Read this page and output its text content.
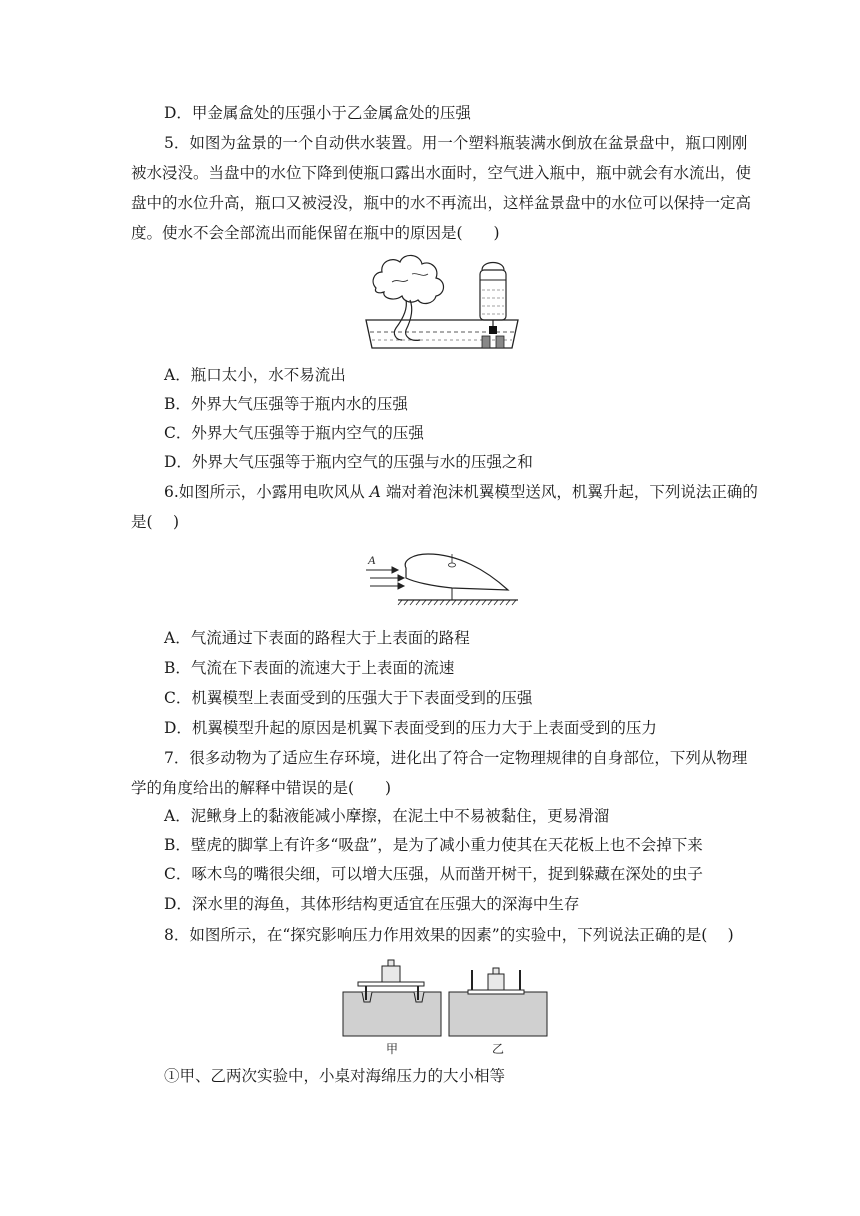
D．甲金属盒处的压强小于乙金属盒处的压强
5．如图为盆景的一个自动供水装置。用一个塑料瓶装满水倒放在盆景盘中，瓶口刚刚
被水浸没。当盘中的水位下降到使瓶口露出水面时，空气进入瓶中，瓶中就会有水流出，使
盘中的水位升高，瓶口又被浸没，瓶中的水不再流出，这样盆景盘中的水位可以保持一定高
度。使水不会全部流出而能保留在瓶中的原因是(　　)
A．瓶口太小，水不易流出
B．外界大气压强等于瓶内水的压强
C．外界大气压强等于瓶内空气的压强
D．外界大气压强等于瓶内空气的压强与水的压强之和
6.如图所示，小露用电吹风从 A 端对着泡沫机翼模型送风，机翼升起，下列说法正确的
是(　 )
A
A．气流通过下表面的路程大于上表面的路程
B．气流在下表面的流速大于上表面的流速
C．机翼模型上表面受到的压强大于下表面受到的压强
D．机翼模型升起的原因是机翼下表面受到的压力大于上表面受到的压力
7．很多动物为了适应生存环境，进化出了符合一定物理规律的自身部位，下列从物理
学的角度给出的解释中错误的是(　　)
A．泥鳅身上的黏液能减小摩擦，在泥土中不易被黏住，更易滑溜
B．壁虎的脚掌上有许多“吸盘”，是为了减小重力使其在天花板上也不会掉下来
C．啄木鸟的嘴很尖细，可以增大压强，从而凿开树干，捉到躲藏在深处的虫子
D．深水里的海鱼，其体形结构更适宜在压强大的深海中生存
8．如图所示，在“探究影响压力作用效果的因素”的实验中，下列说法正确的是(　 )
甲	乙
①甲、乙两次实验中，小桌对海绵压力的大小相等
